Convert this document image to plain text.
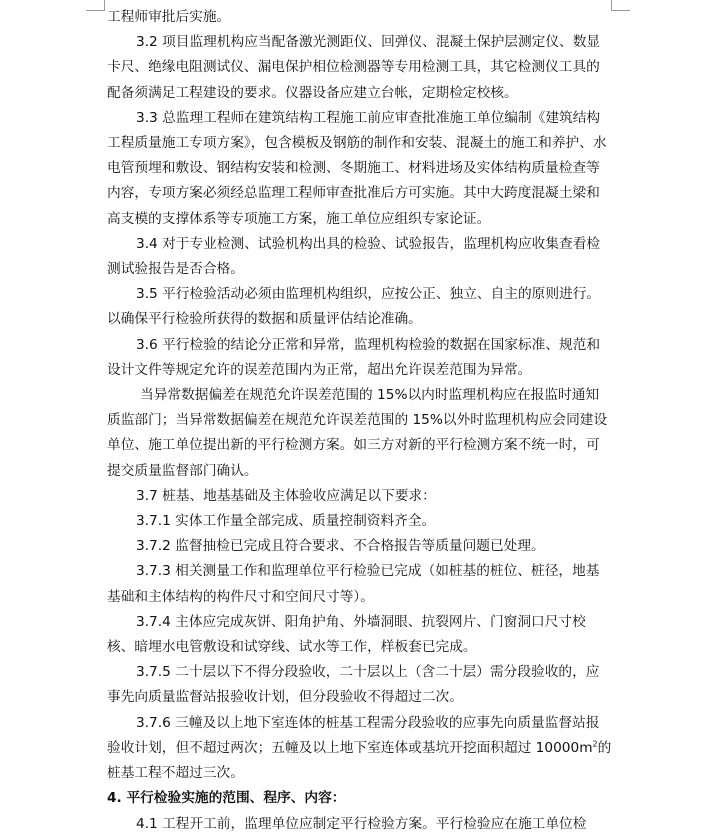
工程师审批后实施。

3.2 项目监理机构应当配备激光测距仪、回弹仪、混凝土保护层测定仪、数显卡尺、绝缘电阻测试仪、漏电保护相位检测器等专用检测工具，其它检测仪工具的配备须满足工程建设的要求。仪器设备应建立台帐，定期检定校核。

3.3 总监理工程师在建筑结构工程施工前应审查批准施工单位编制《建筑结构工程质量施工专项方案》，包含模板及钢筋的制作和安装、混凝土的施工和养护、水电管预埋和敷设、钢结构安装和检测、冬期施工、材料进场及实体结构质量检查等内容，专项方案必须经总监理工程师审查批准后方可实施。其中大跨度混凝土梁和高支模的支撑体系等专项施工方案，施工单位应组织专家论证。

3.4 对于专业检测、试验机构出具的检验、试验报告，监理机构应收集查看检测试验报告是否合格。

3.5 平行检验活动必须由监理机构组织，应按公正、独立、自主的原则进行。以确保平行检验所获得的数据和质量评估结论准确。

3.6 平行检验的结论分正常和异常，监理机构检验的数据在国家标准、规范和设计文件等规定允许的误差范围内为正常，超出允许误差范围为异常。

当异常数据偏差在规范允许误差范围的 15%以内时监理机构应在报监时通知质监部门；当异常数据偏差在规范允许误差范围的 15%以外时监理机构应会同建设单位、施工单位提出新的平行检测方案。如三方对新的平行检测方案不统一时，可提交质量监督部门确认。

3.7 桩基、地基基础及主体验收应满足以下要求：

3.7.1 实体工作量全部完成、质量控制资料齐全。

3.7.2 监督抽检已完成且符合要求、不合格报告等质量问题已处理。

3.7.3 相关测量工作和监理单位平行检验已完成（如桩基的桩位、桩径，地基基础和主体结构的构件尺寸和空间尺寸等）。

3.7.4 主体应完成灰饼、阳角护角、外墙洞眼、抗裂网片、门窗洞口尺寸校核、暗埋水电管敷设和试穿线、试水等工作，样板套已完成。

3.7.5 二十层以下不得分段验收，二十层以上（含二十层）需分段验收的，应事先向质量监督站报验收计划，但分段验收不得超过二次。

3.7.6 三幢及以上地下室连体的桩基工程需分段验收的应事先向质量监督站报验收计划，但不超过两次；五幢及以上地下室连体或基坑开挖面积超过 $10000m^2$的桩基工程不超过三次。

4. 平行检验实施的范围、程序、内容：

4.1 工程开工前，监理单位应制定平行检验方案。平行检验应在施工单位检
